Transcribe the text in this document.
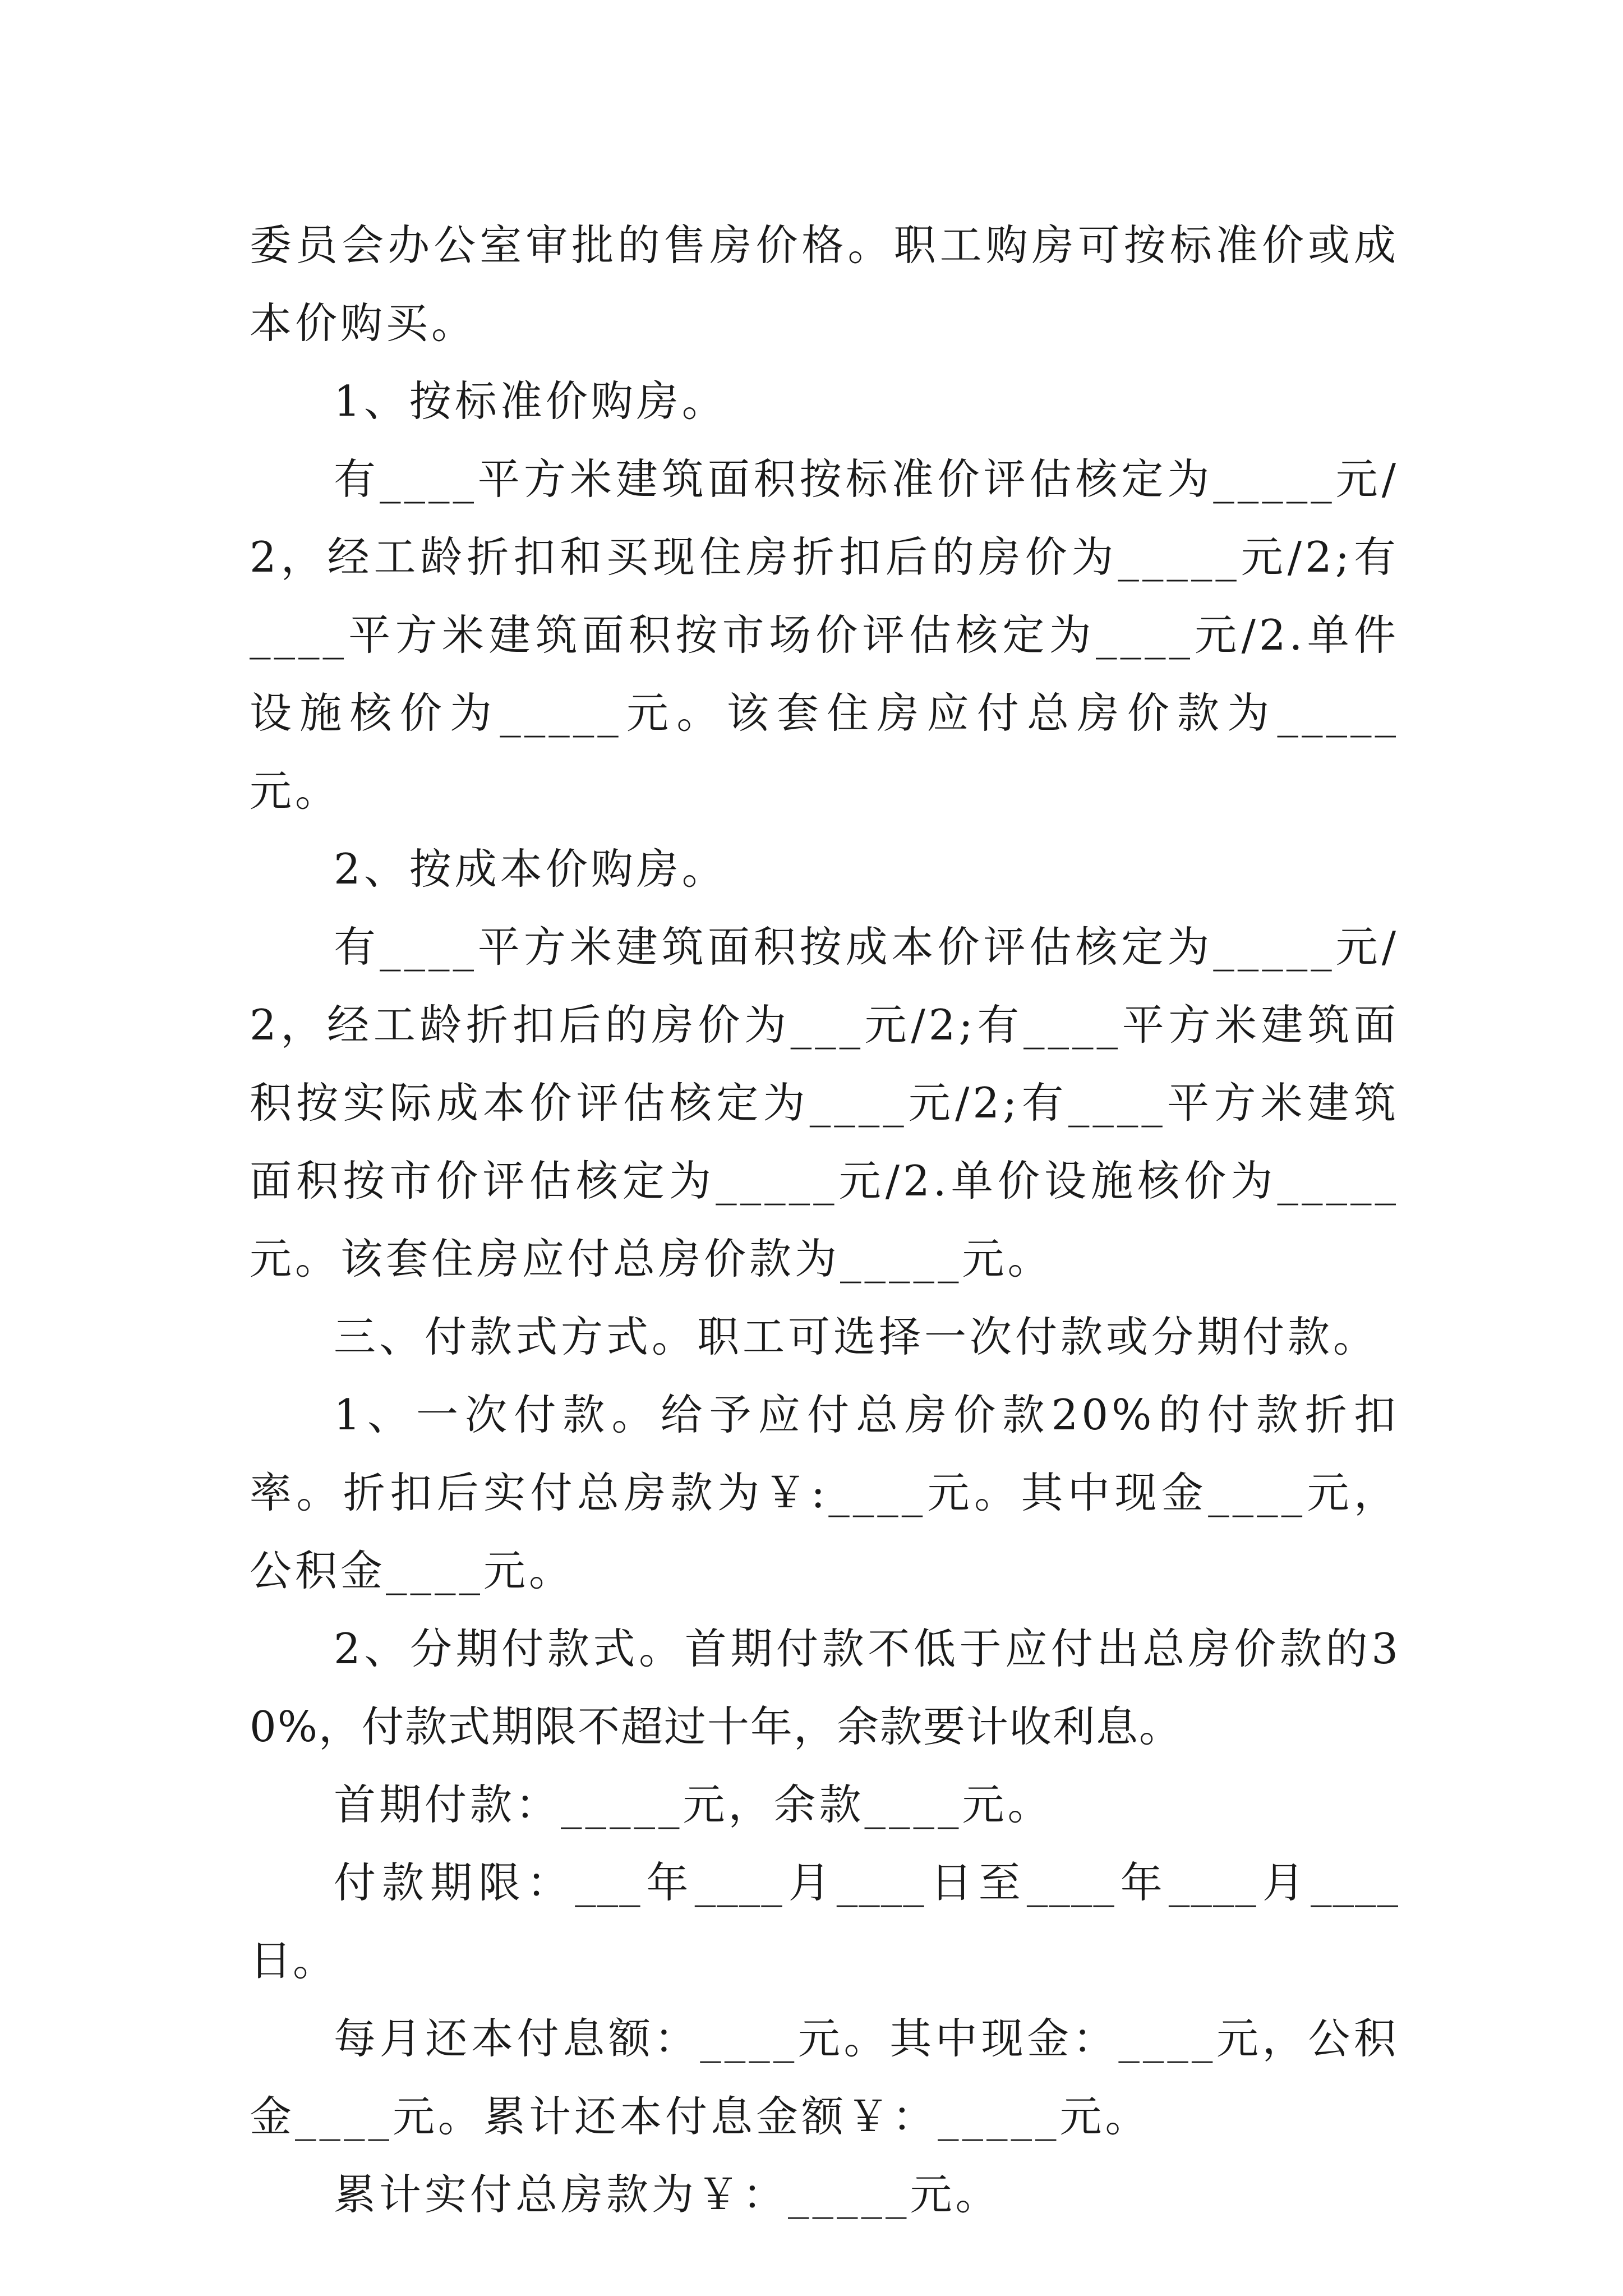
委员会办公室审批的售房价格。职工购房可按标准价或成本价购买。

1、按标准价购房。

有____平方米建筑面积按标准价评估核定为_____元/2，经工龄折扣和买现住房折扣后的房价为_____元/2;有____平方米建筑面积按市场价评估核定为____元/2.单件设施核价为_____元。该套住房应付总房价款为_____元。

2、按成本价购房。

有____平方米建筑面积按成本价评估核定为_____元/2，经工龄折扣后的房价为___元/2;有____平方米建筑面积按实际成本价评估核定为____元/2;有____平方米建筑面积按市价评估核定为_____元/2.单价设施核价为_____元。该套住房应付总房价款为_____元。

三、付款式方式。职工可选择一次付款或分期付款。

1、一次付款。给予应付总房价款20%的付款折扣率。折扣后实付总房款为￥:____元。其中现金____元，公积金____元。

2、分期付款式。首期付款不低于应付出总房价款的30%，付款式期限不超过十年，余款要计收利息。

首期付款：_____元，余款____元。

付款期限：___年____月____日至____年____月____日。

每月还本付息额：____元。其中现金：____元，公积金____元。累计还本付息金额￥：_____元。

累计实付总房款为￥：_____元。
